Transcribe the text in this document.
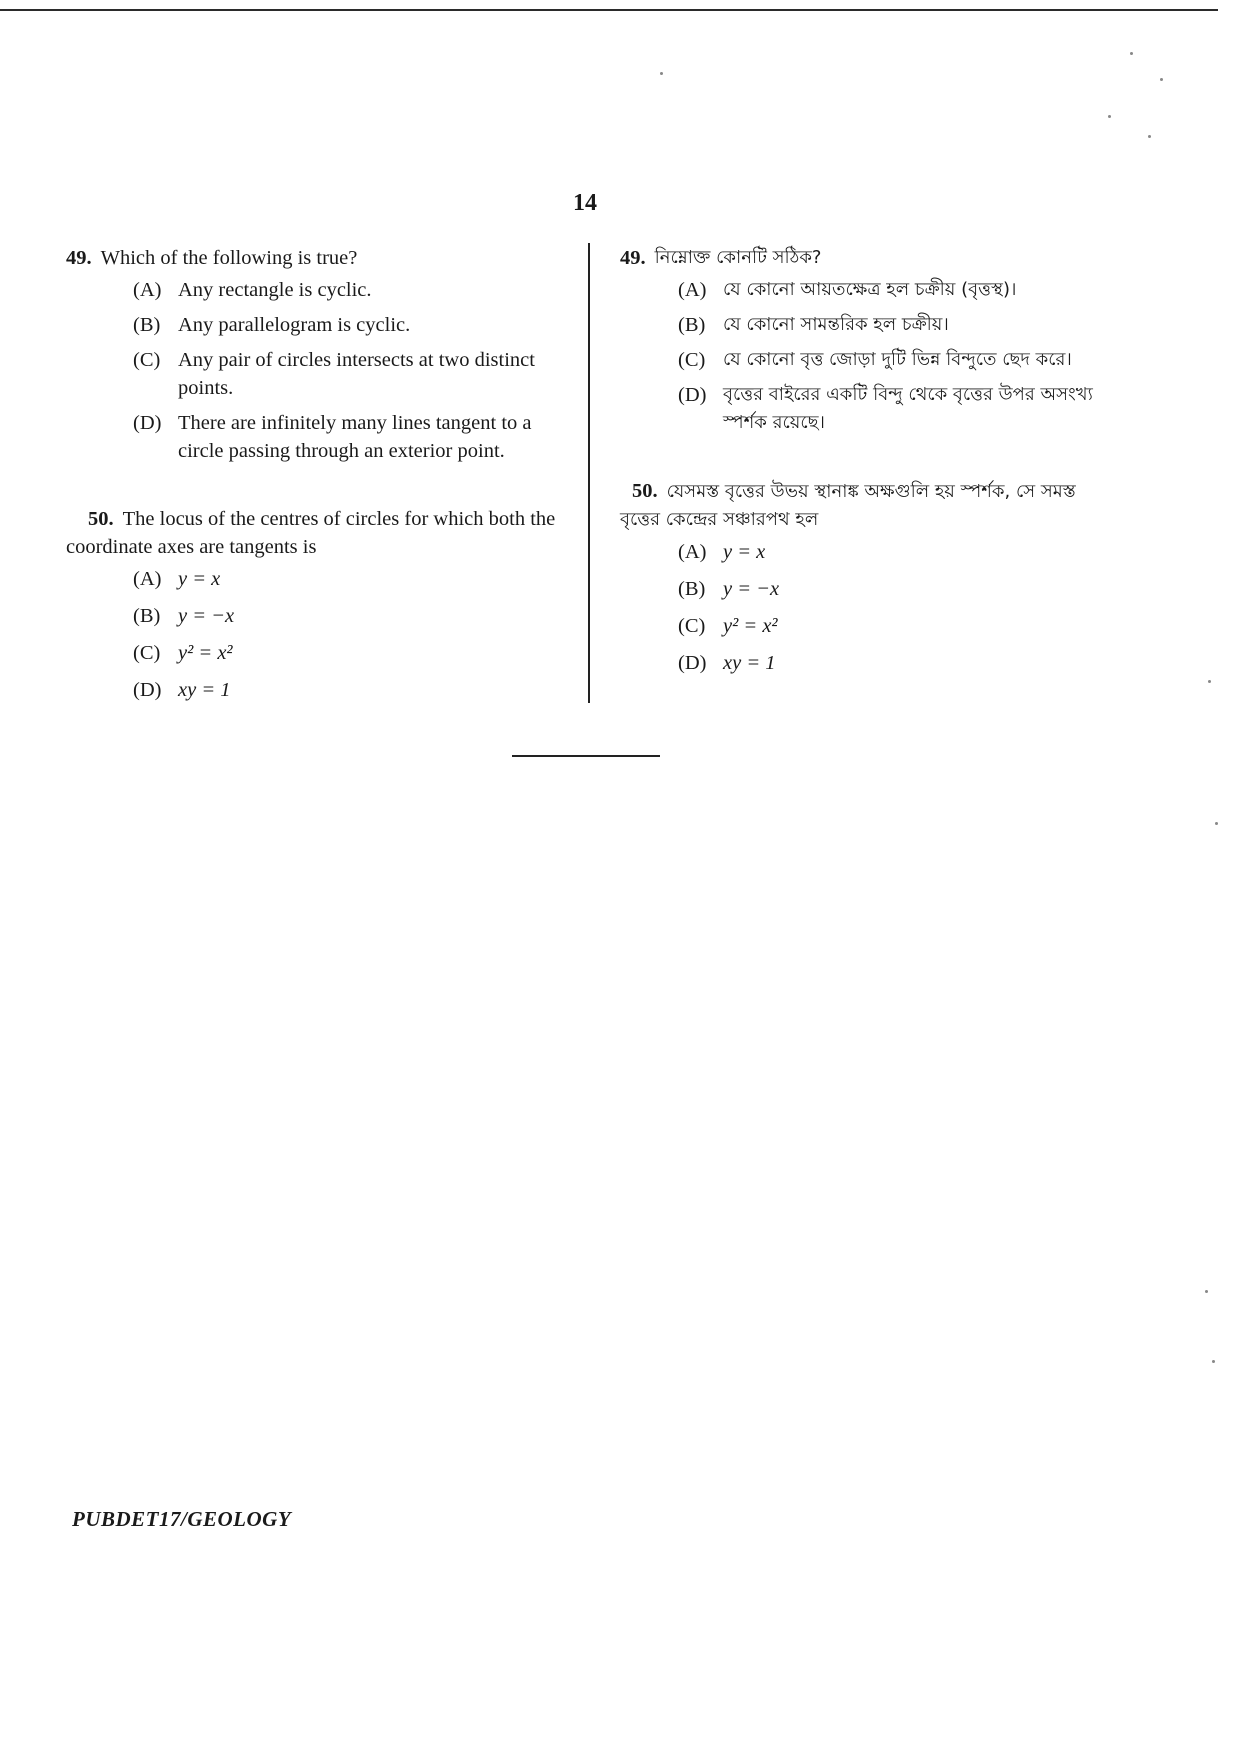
14
49. Which of the following is true?
(A) Any rectangle is cyclic.
(B) Any parallelogram is cyclic.
(C) Any pair of circles intersects at two distinct points.
(D) There are infinitely many lines tangent to a circle passing through an exterior point.
50. The locus of the centres of circles for which both the coordinate axes are tangents is
(A) y = x
(B) y = −x
(C) y² = x²
(D) xy = 1
49. নিম্নোক্ত কোনটি সঠিক?
(A) যে কোনো আয়তক্ষেত্র হল চক্রীয় (বৃত্তস্থ)।
(B) যে কোনো সামন্তরিক হল চক্রীয়।
(C) যে কোনো বৃত্ত জোড়া দুটি ভিন্ন বিন্দুতে ছেদ করে।
(D) বৃত্তের বাইরের একটি বিন্দু থেকে বৃত্তের উপর অসংখ্য স্পর্শক রয়েছে।
50. যেসমস্ত বৃত্তের উভয় স্থানাঙ্ক অক্ষগুলি হয় স্পর্শক, সে সমস্ত বৃত্তের কেন্দ্রের সঞ্চারপথ হল
(A) y = x
(B) y = −x
(C) y² = x²
(D) xy = 1
PUBDET17/GEOLOGY
